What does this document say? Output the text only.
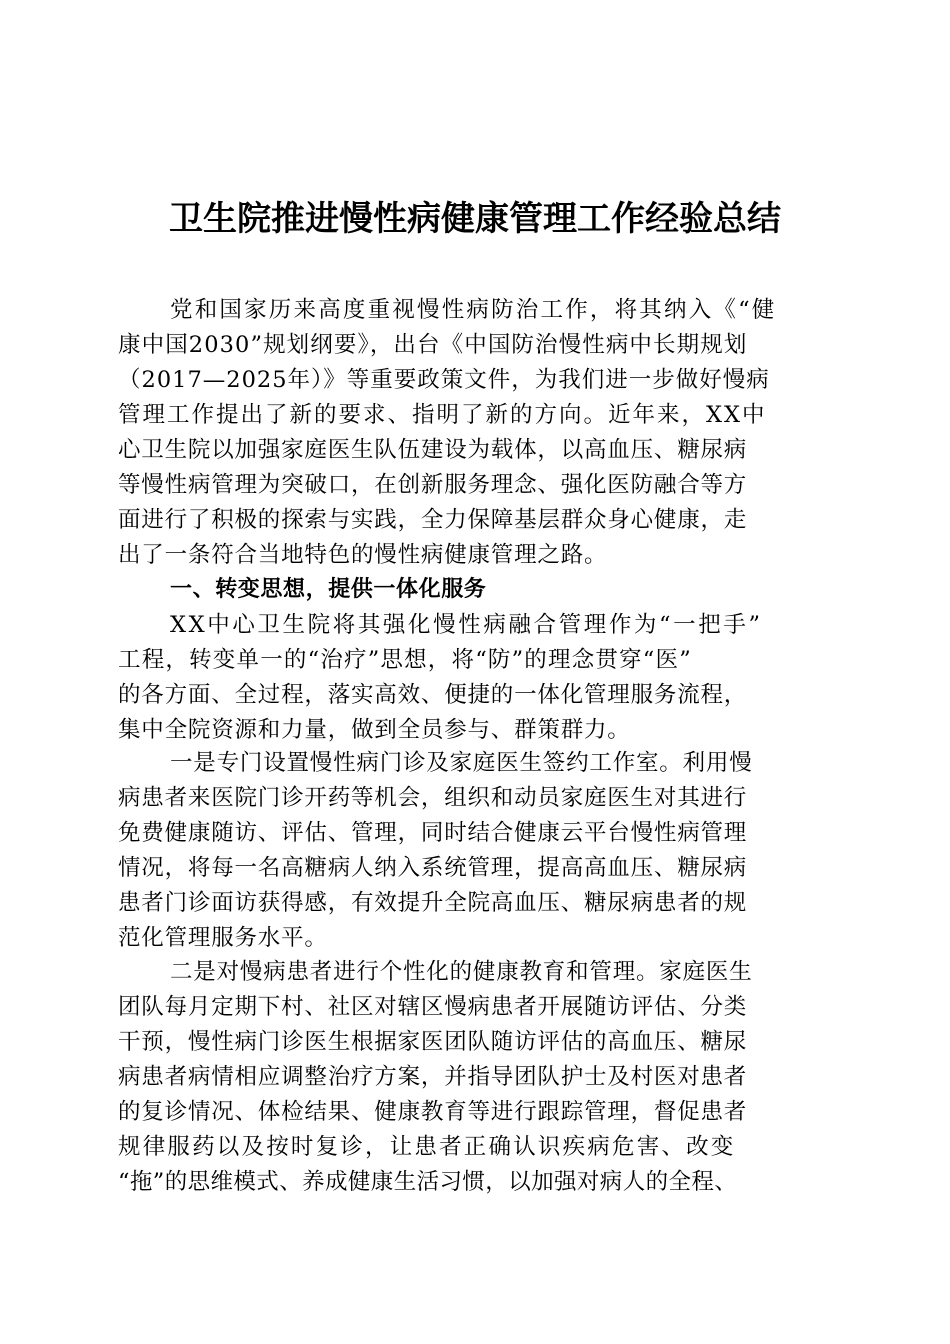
卫生院推进慢性病健康管理工作经验总结

党和国家历来高度重视慢性病防治工作，将其纳入《“健

康中国2030”规划纲要》，出台《中国防治慢性病中长期规划

（2017—2025年）》等重要政策文件，为我们进一步做好慢病

管理工作提出了新的要求、指明了新的方向。近年来，XX中

心卫生院以加强家庭医生队伍建设为载体，以高血压、糖尿病

等慢性病管理为突破口，在创新服务理念、强化医防融合等方

面进行了积极的探索与实践，全力保障基层群众身心健康，走

出了一条符合当地特色的慢性病健康管理之路。

一、转变思想，提供一体化服务

XX中心卫生院将其强化慢性病融合管理作为“一把手”

工程，转变单一的“治疗”思想，将“防”的理念贯穿“医”

的各方面、全过程，落实高效、便捷的一体化管理服务流程，

集中全院资源和力量，做到全员参与、群策群力。

一是专门设置慢性病门诊及家庭医生签约工作室。利用慢

病患者来医院门诊开药等机会，组织和动员家庭医生对其进行

免费健康随访、评估、管理，同时结合健康云平台慢性病管理

情况，将每一名高糖病人纳入系统管理，提高高血压、糖尿病

患者门诊面访获得感，有效提升全院高血压、糖尿病患者的规

范化管理服务水平。

二是对慢病患者进行个性化的健康教育和管理。家庭医生

团队每月定期下村、社区对辖区慢病患者开展随访评估、分类

干预，慢性病门诊医生根据家医团队随访评估的高血压、糖尿

病患者病情相应调整治疗方案，并指导团队护士及村医对患者

的复诊情况、体检结果、健康教育等进行跟踪管理，督促患者

规律服药以及按时复诊，让患者正确认识疾病危害、改变

“拖”的思维模式、养成健康生活习惯，以加强对病人的全程、
